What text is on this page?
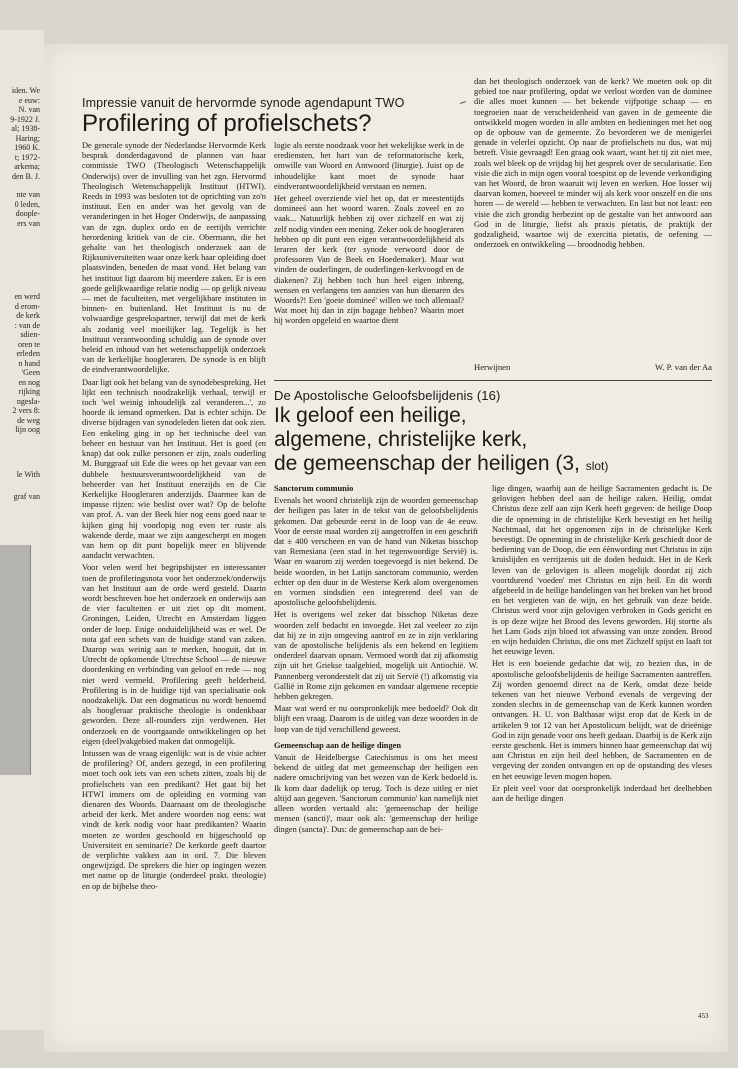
iden. We
e euw:
N. van
9-1922 J.
al; 1938-
Haring;
1960 K.
t; 1972-
arkema;
den B. J.
nte van
0 leden,
doople-
ers van
en werd
d erom-
de kerk
: van de
sdien-
oren te
erleden
n hand
'Geen
en nog
rijking
ngesla-
2 vers 8:
de weg
lijn oog
le With
graf van
Impressie vanuit de hervormde synode agendapunt TWO
Profilering of profielschets?

De generale synode der Nederlandse Hervormde Kerk besprak donderdagavond de plannen van haar commissie TWO (Theologisch Wetenschappelijk Onderwijs) over de invulling van het zgn. Hervormd Theologisch Wetenschappelijk Instituut (HTWI). Reeds in 1993 was besloten tot de oprichting van zo'n instituut. Een en ander was het gevolg van de veranderingen in het Hoger Onderwijs, de aanpassing van de zgn. duplex ordo en de eertijds verrichte herordening kritiek van de cie. Obermann, die het gehalte van het theologisch onderzoek aan de Rijksuniversiteiten waar onze kerk haar opleiding doet plaatsvinden, beneden de maat vond. Het belang van het instituut ligt daarom bij meerdere zaken. Er is een goede gelijkwaardige relatie nodig — op gelijk niveau — met de faculteiten, met vergelijkbare instituten in binnen- en buitenland. Het Instituut is nu de volwaardige gesprekspartner, terwijl dat met de kerk als zodanig veel moeilijker lag. Tegelijk is het Instituut verantwoording schuldig aan de synode over beleid en inhoud van het wetenschappelijk onderzoek van de kerkelijke hoogleraren. De synode is en blijft de eindverantwoordelijke.

Daar ligt ook het belang van de synodebespreking. Het lijkt een technisch noodzakelijk verhaal, terwijl er toch 'wel weinig inhoudelijk zal veranderen...', zo hoorde ik iemand opmerken. Dat is echter schijn. De diverse bijdragen van synodeleden lieten dat ook zien. Een enkeling ging in op het technische deel van beheer en bestuur van het Instituut. Het is goed (en knap) dat ook zulke personen er zijn, zoals ouderling M. Burggraaf uit Ede die wees op het gevaar van een dubbele bestuursverantwoordelijkheid van de beheerder van het Instituut enerzijds en de Cie Kerkelijke Hoogleraren anderzijds. Daarmee kan de impasse rijzen: wie beslist over wat? Op de belofte van prof. A. van der Beek hier nog eens goed naar te kijken ging hij voorlopig nog even ter ruste als wakende derde, maar we zijn aangescherpt en mogen van hem op dit punt hopelijk meer en blijvende aandacht verwachten.

Voor velen werd het begripsbijster en interessanter toen de profileringsnota voor het onderzoek/onderwijs van het Instituut aan de orde werd gesteld. Daarin wordt beschreven hoe het onderzoek en onderwijs aan de vier faculteiten er uit ziet op dit moment. Groningen, Leiden, Utrecht en Amsterdam liggen onder de loep. Enige onduidelijkheid was er wel. De nota gaf een schets van de huidige stand van zaken. Daarop was weinig aan te merken, hooguit, dat in Utrecht de opkomende Utrechtse School — de nieuwe doordenking en verbinding van geloof en rede — nog niet werd vermeld. Profilering geeft helderheid. Profilering is in de huidige tijd van specialisatie ook noodzakelijk. Dat een dogmaticus nu wordt benoemd als hoogleraar praktische theologie is ondenkbaar geworden. Deze all-rounders zijn verdwenen. Het onderzoek en de voortgaande ontwikkelingen op het eigen (deel)vakgebied maken dat onmogelijk.

Intussen was de vraag eigenlijk: wat is de visie achter de profilering? Of, anders gezegd, in een profilering moet toch ook iets van een schets zitten, zoals bij de profielschets van een predikant? Het gaat bij het HTWI immers om de opleiding en vorming van dienaren des Woords. Daarnaast om de theologische arbeid der kerk. Met andere woorden nog eens: wat vindt de kerk nodig voor haar predikanten? Waarin moeten ze worden geschoold en bijgeschoold op Universiteit en seminarie? De kerkorde geeft daartoe de verplichte vakken aan in ord. 7. Die bleven ongewijzigd. De sprekers die hier op ingingen wezen met name op de liturgie (onderdeel prakt. theologie) en op de bijbelse theo-

logie als eerste noodzaak voor het wekelijkse werk in de erediensten, het hart van de reformatorische kerk, omwille van Woord en Antwoord (liturgie). Juist op de inhoudelijke kant moet de synode haar eindverantwoordelijkheid verstaan en nemen.

Het geheel overziende viel het op, dat er meestentijds domineeś aan het woord waren. Zoals zoveel en zo vaak... Natuurlijk hebben zij over zichzelf en wat zij zelf nodig vinden een mening. Zeker ook de hoogleraren hebben op dit punt een eigen verantwoordelijkheid als leraren der kerk (ter synode verwoord door de professoren Van de Beek en Hoedemaker). Maar wat vinden de ouderlingen, de ouderlingen-kerkvoogd en de diakenen? Zij hebben toch hun heel eigen inbreng, wensen en verlangens ten aanzien van hun dienaren des Woords?! Een 'goeie domineé' willen we toch allemaal? Wat moet hij dan in zijn bagage hebben? Waarin moet hij worden opgeleid en waartoe dient

dan het theologisch onderzoek van de kerk? We moeten ook op dit gebied toe naar profilering, opdat we verlost worden van de dominee die alles moet kunnen — het bekende vijfpotige schaap — en toegroeien naar de verscheidenheid van gaven in de gemeente die ontwikkeld mogen worden in alle ambten en bedieningen met het oog op de opbouw van de gemeente. Zo bevorderen we de menigerlei genade in velerlei opzicht. Op naar de profielschets nu dus, wat mij betreft. Visie gevraagd! Een graag ook waart, want het tij zit niet mee, zoals wel bleek op de vrijdag bij het gesprek over de secularisatie. Een visie die zich in mijn ogen vooral toespitst op de levende verkondiging van het Woord, de bron waaruit wij leven en werken. Hoe losser wij daarvan komen, hoeveel te minder wij als kerk voor onszelf en die ons horen — de wereld — hebben te verwachten. En last but not least: een visie die zich grondig herbezint op de gestalte van het antwoord aan God in de liturgie, liefst als praxis pietatis, de praktijk der godzaligheid, waartoe wij de exercitia pietatis, de oefening — onderzoek en ontwikkeling — broodnodig hebben.

Herwijnen	W. P. van der Aa
De Apostolische Geloofsbelijdenis (16)
Ik geloof een heilige,
algemene, christelijke kerk,
de gemeenschap der heiligen (3, slot)

Sanctorum communio

Evenals het woord christelijk zijn de woorden gemeenschap der heiligen pas later in de tekst van de geloofsbelijdenis gekomen. Dat gebeurde eerst in de loop van de 4e eeuw. Voor de eerste maal worden zij aangetroffen in een geschrift dat ± 400 verscheen en van de hand van Niketas bisschop van Remesiana (een stad in het tegenwoordige Servië) is. Waar en waarom zij werden toegevoegd is niet bekend. De beide woorden, in het Latijn sanctorum communio, werden echter op den duur in de Westerse Kerk alom overgenomen en vormen sindsdien een integrerend deel van de apostolische geloofsbelijdenis.

Het is overigens wel zeker dat bisschop Niketas deze woorden zelf bedacht en invoegde. Het zal veeleer zo zijn dat hij ze in zijn omgeving aantrof en ze in zijn verklaring van de apostolische belijdenis als een bekend en legitiem onderdeel daarvan opnam. Vermoed wordt dat zij afkomstig zijn uit het Griekse taalgebied, mogelijk uit Antiochië. W. Pannenberg veronderstelt dat zij uit Servië (!) afkomstig via Gallië in Rome zijn gekomen en vandaar algemene receptie hebben gekregen.

Maar wat werd er nu oorspronkelijk mee bedoeld? Ook dit blijft een vraag. Daarom is de uitleg van deze woorden in de loop van de tijd verschillend geweest.

Gemeenschap aan de heilige dingen

Vanuit de Heidelbergse Catechismus is ons het meest bekend de uitleg dat met gemeenschap der heiligen een nadere omschrijving van het wezen van de Kerk bedoeld is. Ik kom daar dadelijk op terug. Toch is deze uitleg er niet altijd aan gegeven. 'Sanctorum communio' kan namelijk niet alleen worden vertaald als: 'gemeenschap der heilige mensen (sancti)', maar ook als: 'gemeenschap der heilige dingen (sancta)'. Dus: de gemeenschap aan de hei-

lige dingen, waarbij aan de heilige Sacramenten gedacht is. De gelovigen hebben deel aan de heilige zaken. Heilig, omdat Christus deze zelf aan zijn Kerk heeft gegeven: de heilige Doop die de opneming in de christelijke Kerk bevestigt en het heilig Nachtmaal, dat het opgenomen zijn in de christelijke Kerk bevestigt. De opneming in de christelijke Kerk geschiedt door de bediening van de Doop, die een éénwording met Christus in zijn kruislijden en verrijzenis uit de doden beduidt. Het in de Kerk leven van de gelovigen is alleen mogelijk doordat zij zich voortdurend 'voeden' met Christus en zijn heil. En dit wordt afgebeeld in de heilige handelingen van het breken van het brood en het vergieten van de wijn, en het gebruik van deze beide. Christus werd voor zijn gelovigen verbroken in Gods gericht en is op deze wijze het Brood des levens geworden. Hij stortte als het Lam Gods zijn bloed tot afwassing van onze zonden. Brood en wijn beduiden Christus, die ons met Zichzelf spijst en laaft tot het eeuwige leven.

Het is een boeiende gedachte dat wij, zo bezien dus, in de apostolische geloofsbelijdenis de heilige Sacramenten aantreffen. Zij worden genoemd direct na de Kerk, omdat deze beide tekenen van het nieuwe Verbond evenals de vergeving der zonden slechts in de gemeenschap van de Kerk kunnen worden ontvangen. H. U. von Balthasar wijst erop dat de Kerk in de artikelen 9 tot 12 van het Apostolicum belijdt, wat de drieënige God in zijn genade voor ons heeft gedaan. Daarbij is de Kerk zijn eerste geschenk. Het is immers binnen haar gemeenschap dat wij aan Christus en zijn heil deel hebben, de Sacramenten en de vergeving der zonden ontvangen en op de opstanding des vleses en het eeuwige leven mogen hopen.

Er pleit veel voor dat oorspronkelijk inderdaad het deelhebben aan de heilige dingen

453
